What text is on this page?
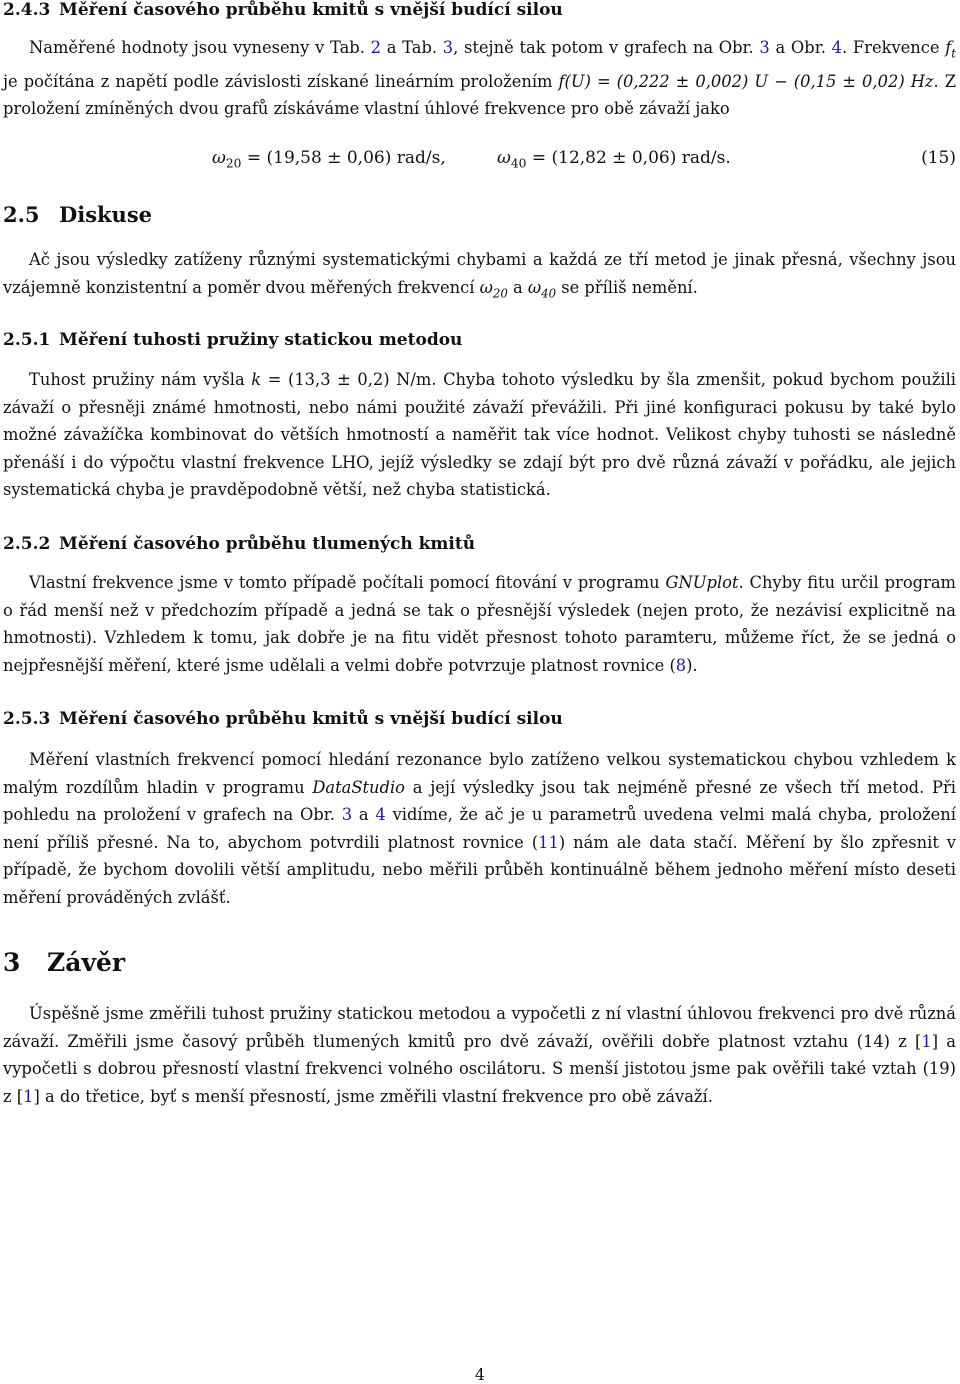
2.4.3 Měření časového průběhu kmitů s vnější budící silou

Naměřené hodnoty jsou vyneseny v Tab. 2 a Tab. 3, stejně tak potom v grafech na Obr. 3 a Obr. 4. Frekvence $f_t$ je počítána z napětí podle závislosti získané lineárním proložením f(U) = (0,222 ± 0,002) U − (0,15 ± 0,02) Hz. Z proložení zmíněných dvou grafů získáváme vlastní úhlové frekvence pro obě závaží jako

$\omega_{20} = (19,58 \pm 0,06)$ rad/s,	$\omega_{40} = (12,82 \pm 0,06)$ rad/s.	(15)
2.5 Diskuse

Ač jsou výsledky zatíženy různými systematickými chybami a každá ze tří metod je jinak přesná, všechny jsou vzájemně konzistentní a poměr dvou měřených frekvencí $\omega_{20}$ a $\omega_{40}$ se příliš nemění.

2.5.1 Měření tuhosti pružiny statickou metodou

Tuhost pružiny nám vyšla k = (13,3 ± 0,2) N/m. Chyba tohoto výsledku by šla zmenšit, pokud bychom použili závaží o přesněji známé hmotnosti, nebo námi použité závaží převážili. Při jiné konfiguraci pokusu by také bylo možné závažíčka kombinovat do větších hmotností a naměřit tak více hodnot. Velikost chyby tuhosti se následně přenáší i do výpočtu vlastní frekvence LHO, jejíž výsledky se zdají být pro dvě různá závaží v pořádku, ale jejich systematická chyba je pravděpodobně větší, než chyba statistická.

2.5.2 Měření časového průběhu tlumených kmitů

Vlastní frekvence jsme v tomto případě počítali pomocí fitování v programu GNUplot. Chyby fitu určil program o řád menší než v předchozím případě a jedná se tak o přesnější výsledek (nejen proto, že nezávisí explicitně na hmotnosti). Vzhledem k tomu, jak dobře je na fitu vidět přesnost tohoto paramteru, můžeme říct, že se jedná o nejpřesnější měření, které jsme udělali a velmi dobře potvrzuje platnost rovnice (8).

2.5.3 Měření časového průběhu kmitů s vnější budící silou

Měření vlastních frekvencí pomocí hledání rezonance bylo zatíženo velkou systematickou chybou vzhledem k malým rozdílům hladin v programu DataStudio a její výsledky jsou tak nejméně přesné ze všech tří metod. Při pohledu na proložení v grafech na Obr. 3 a 4 vidíme, že ač je u parametrů uvedena velmi malá chyba, proložení není příliš přesné. Na to, abychom potvrdili platnost rovnice (11) nám ale data stačí. Měření by šlo zpřesnit v případě, že bychom dovolili větší amplitudu, nebo měřili průběh kontinuálně během jednoho měření místo deseti měření prováděných zvlášť.

3 Závěr

Úspěšně jsme změřili tuhost pružiny statickou metodou a vypočetli z ní vlastní úhlovou frekvenci pro dvě různá závaží. Změřili jsme časový průběh tlumených kmitů pro dvě závaží, ověřili dobře platnost vztahu (14) z [1] a vypočetli s dobrou přesností vlastní frekvenci volného oscilátoru. S menší jistotou jsme pak ověřili také vztah (19) z [1] a do třetice, byť s menší přesností, jsme změřili vlastní frekvence pro obě závaží.

4
